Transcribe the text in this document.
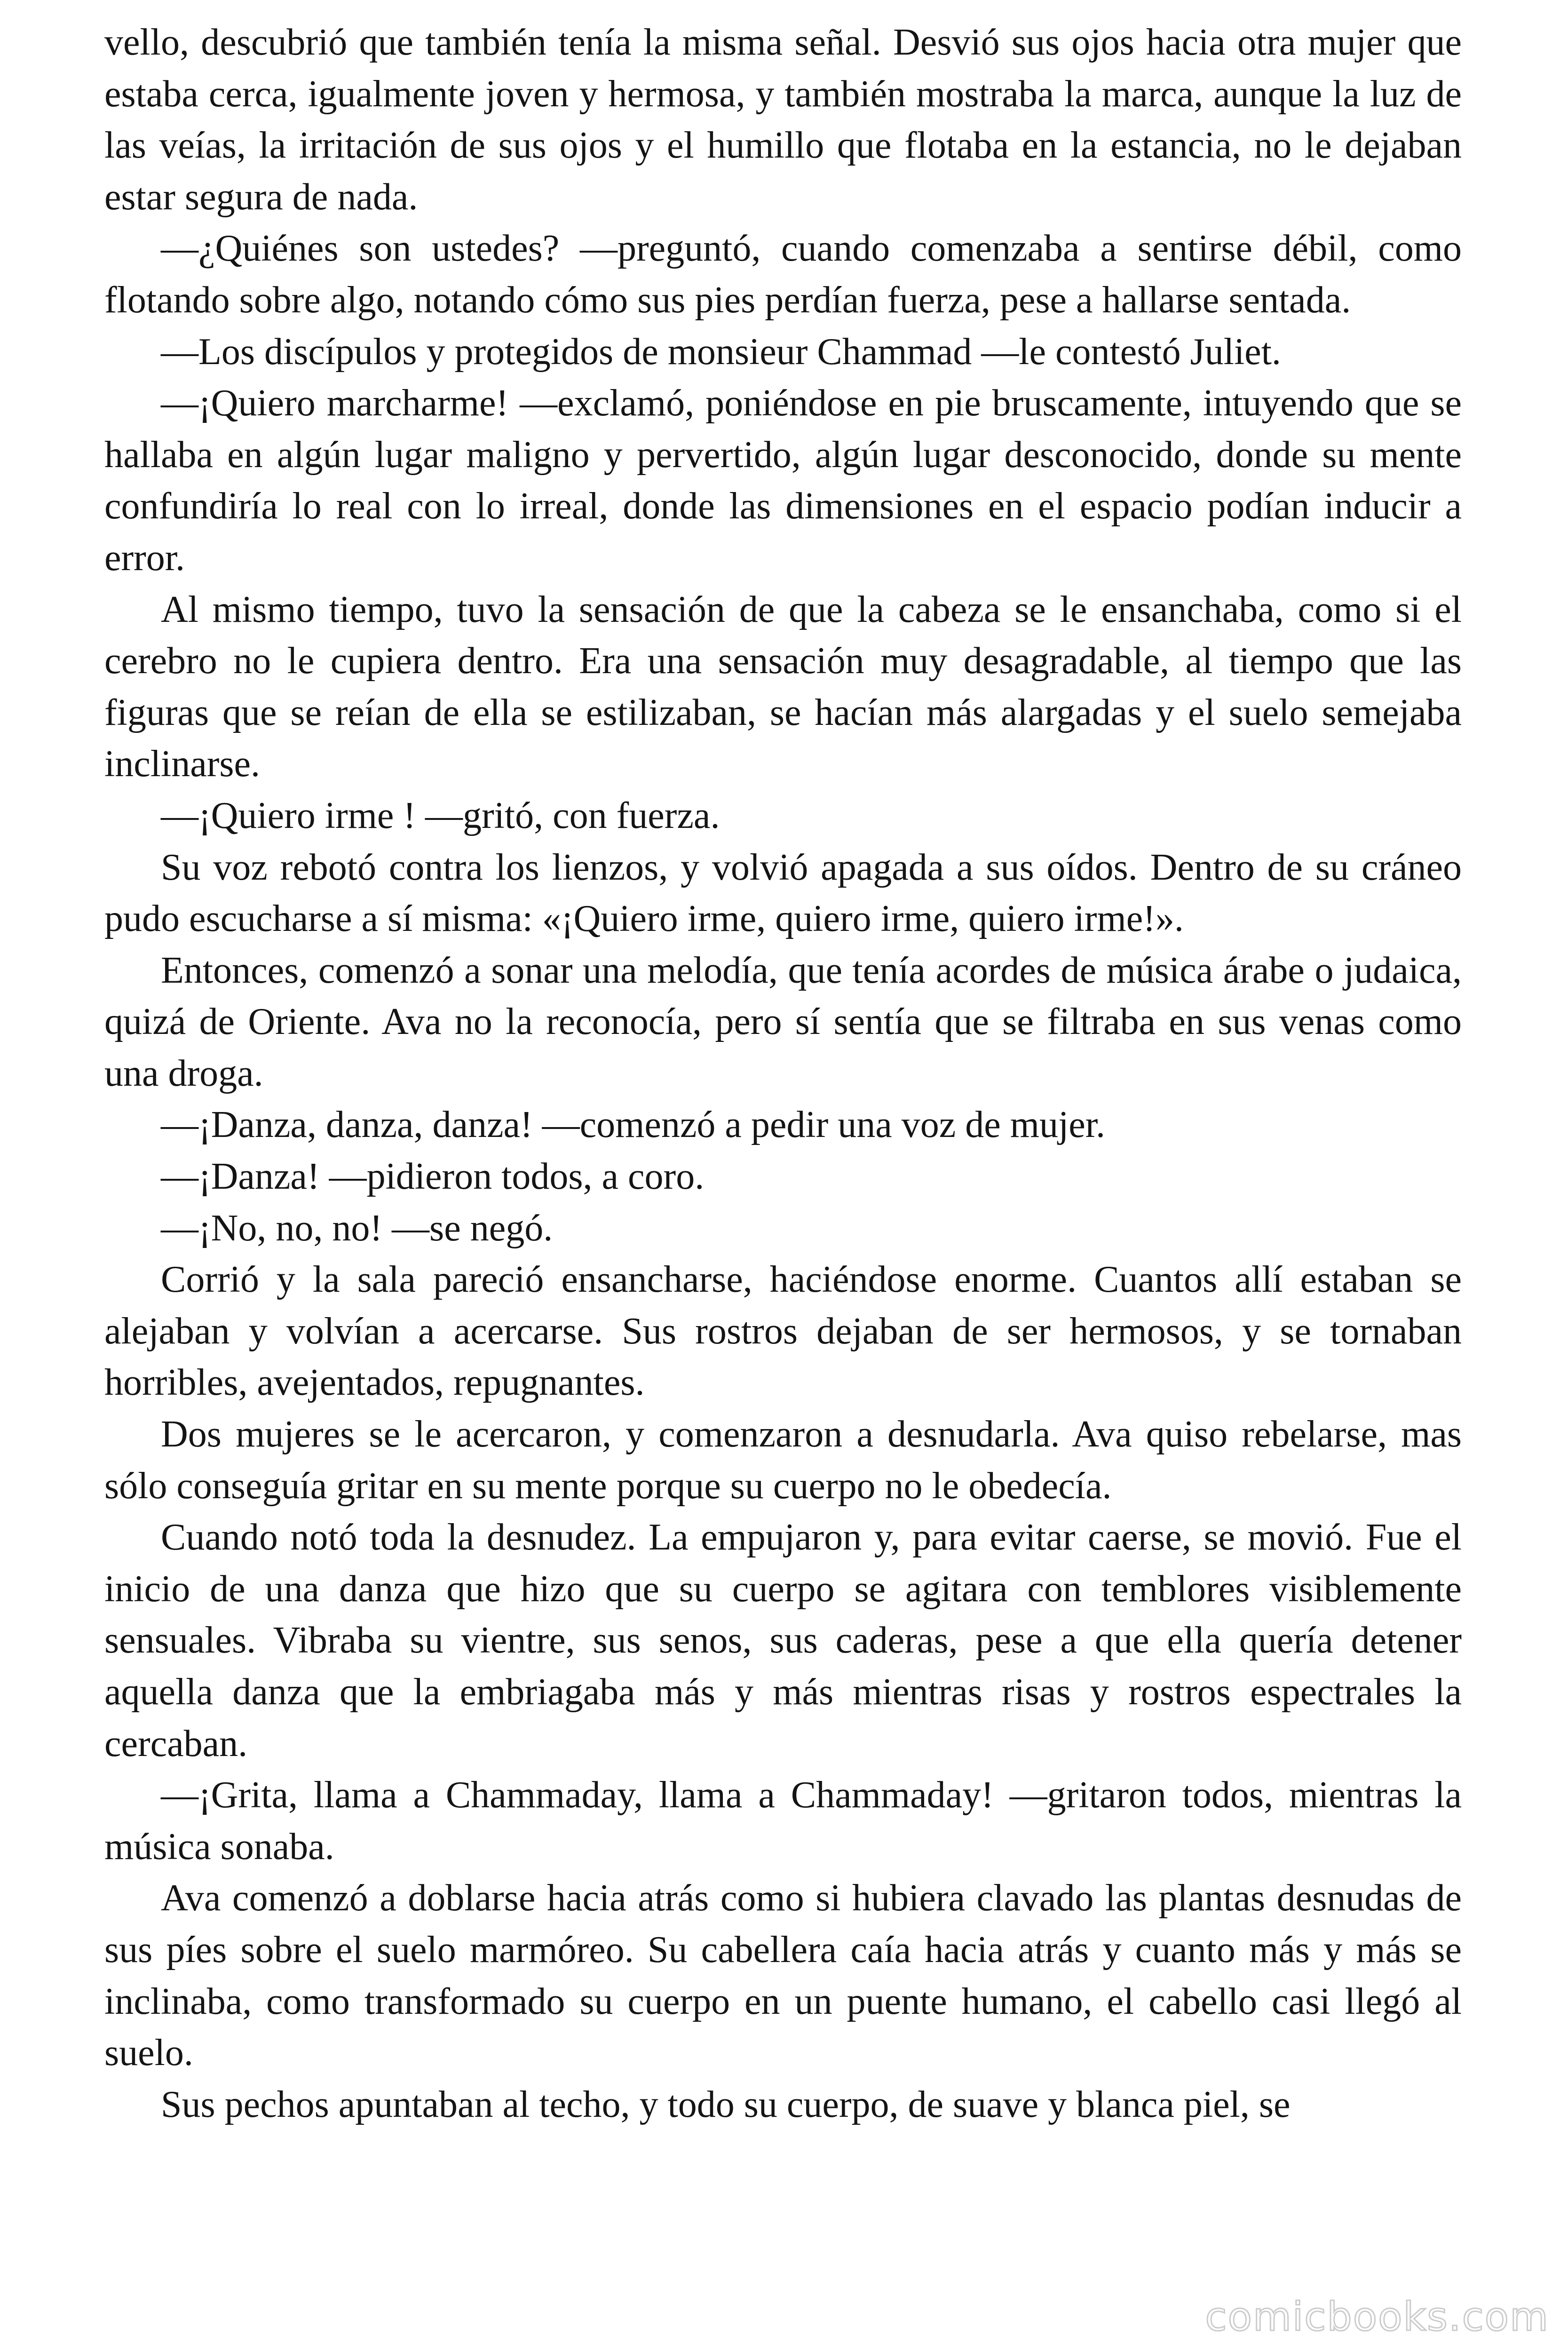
vello, descubrió que también tenía la misma señal. Desvió sus ojos hacia otra mujer que estaba cerca, igualmente joven y hermosa, y también mostraba la marca, aunque la luz de las veías, la irritación de sus ojos y el humillo que flotaba en la estancia, no le dejaban estar segura de nada.

—¿Quiénes son ustedes? —preguntó, cuando comenzaba a sentirse débil, como flotando sobre algo, notando cómo sus pies perdían fuerza, pese a hallarse sentada.

—Los discípulos y protegidos de monsieur Chammad —le contestó Juliet.

—¡Quiero marcharme! —exclamó, poniéndose en pie bruscamente, intuyendo que se hallaba en algún lugar maligno y pervertido, algún lugar desconocido, donde su mente confundiría lo real con lo irreal, donde las dimensiones en el espacio podían inducir a error.

Al mismo tiempo, tuvo la sensación de que la cabeza se le ensanchaba, como si el cerebro no le cupiera dentro. Era una sensación muy desagradable, al tiempo que las figuras que se reían de ella se estilizaban, se hacían más alargadas y el suelo semejaba inclinarse.

—¡Quiero irme ! —gritó, con fuerza.

Su voz rebotó contra los lienzos, y volvió apagada a sus oídos. Dentro de su cráneo pudo escucharse a sí misma: «¡Quiero irme, quiero irme, quiero irme!».

Entonces, comenzó a sonar una melodía, que tenía acordes de música árabe o judaica, quizá de Oriente. Ava no la reconocía, pero sí sentía que se filtraba en sus venas como una droga.

—¡Danza, danza, danza! —comenzó a pedir una voz de mujer.

—¡Danza! —pidieron todos, a coro.

—¡No, no, no! —se negó.

Corrió y la sala pareció ensancharse, haciéndose enorme. Cuantos allí estaban se alejaban y volvían a acercarse. Sus rostros dejaban de ser hermosos, y se tornaban horribles, avejentados, repugnantes.

Dos mujeres se le acercaron, y comenzaron a desnudarla. Ava quiso rebelarse, mas sólo conseguía gritar en su mente porque su cuerpo no le obedecía.

Cuando notó toda la desnudez. La empujaron y, para evitar caerse, se movió. Fue el inicio de una danza que hizo que su cuerpo se agitara con temblores visiblemente sensuales. Vibraba su vientre, sus senos, sus caderas, pese a que ella quería detener aquella danza que la embriagaba más y más mientras risas y rostros espectrales la cercaban.

—¡Grita, llama a Chammaday, llama a Chammaday! —gritaron todos, mientras la música sonaba.

Ava comenzó a doblarse hacia atrás como si hubiera clavado las plantas desnudas de sus píes sobre el suelo marmóreo. Su cabellera caía hacia atrás y cuanto más y más se inclinaba, como transformado su cuerpo en un puente humano, el cabello casi llegó al suelo.

Sus pechos apuntaban al techo, y todo su cuerpo, de suave y blanca piel, se

comicbooks.com
